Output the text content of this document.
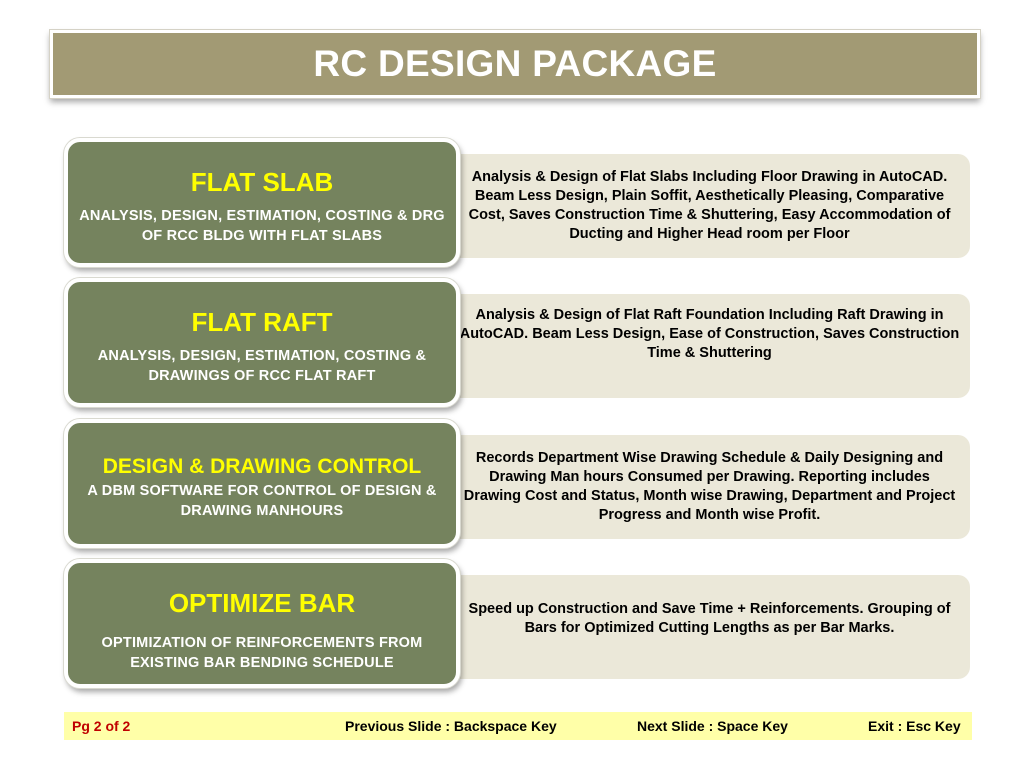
RC DESIGN PACKAGE

Analysis & Design of Flat Slabs Including Floor Drawing in AutoCAD. Beam Less Design, Plain Soffit, Aesthetically Pleasing, Comparative Cost, Saves Construction Time & Shuttering, Easy Accommodation of Ducting and Higher Head room per Floor

FLAT SLAB

ANALYSIS, DESIGN, ESTIMATION, COSTING & DRG OF RCC BLDG WITH FLAT SLABS

Analysis & Design of Flat Raft Foundation Including Raft Drawing in AutoCAD. Beam Less Design, Ease of Construction, Saves Construction Time & Shuttering

FLAT RAFT

ANALYSIS, DESIGN, ESTIMATION, COSTING & DRAWINGS OF RCC FLAT RAFT

Records Department Wise Drawing Schedule & Daily Designing and Drawing Man hours Consumed per Drawing. Reporting includes Drawing Cost and Status, Month wise Drawing, Department and Project Progress and Month wise Profit.

DESIGN & DRAWING CONTROL

A DBM SOFTWARE FOR CONTROL OF DESIGN & DRAWING MANHOURS

Speed up Construction and Save Time + Reinforcements. Grouping of Bars for Optimized Cutting Lengths as per Bar Marks.

OPTIMIZE BAR

OPTIMIZATION OF REINFORCEMENTS FROM EXISTING BAR BENDING SCHEDULE

Pg 2 of 2	Previous Slide : Backspace Key	Next Slide : Space Key	Exit : Esc Key
